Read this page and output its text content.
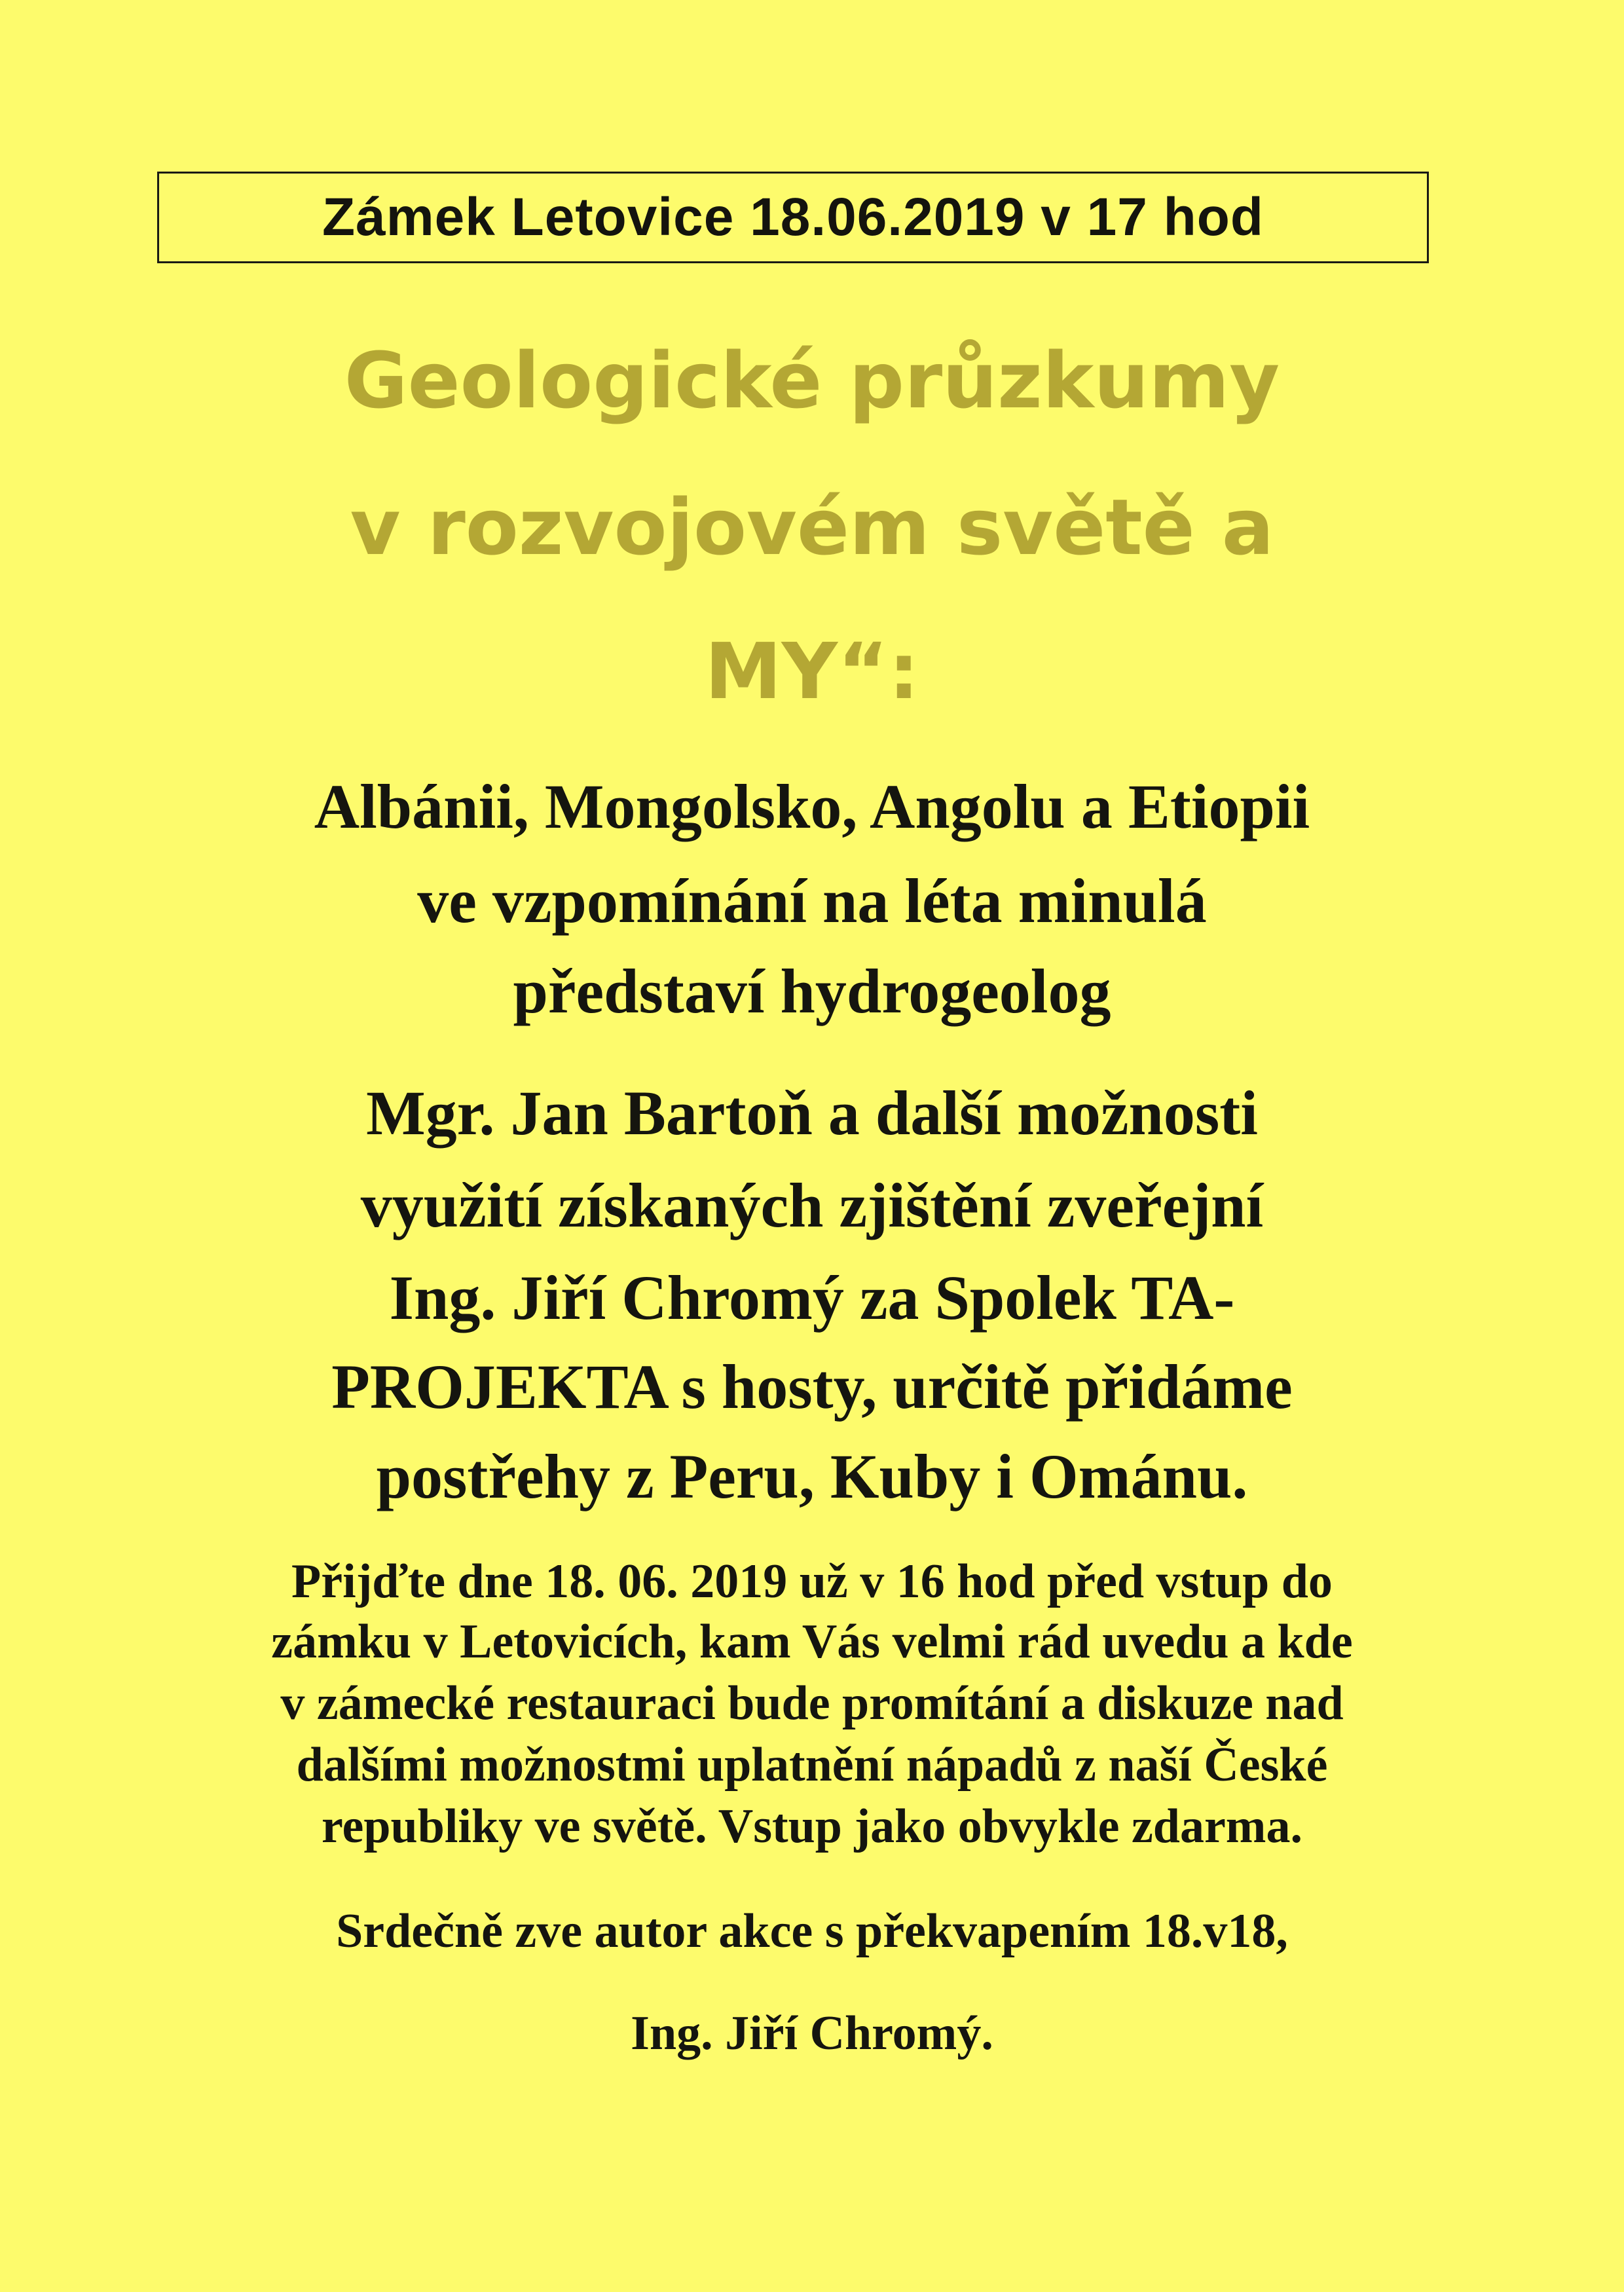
Zámek Letovice 18.06.2019 v 17 hod
Geologické průzkumy
v rozvojovém světě a
MY“:
Albánii, Mongolsko, Angolu a Etiopii
ve vzpomínání na léta minulá
představí hydrogeolog
Mgr. Jan Bartoň a další možnosti
využití získaných zjištění zveřejní
Ing. Jiří Chromý za Spolek TA-
PROJEKTA s hosty, určitě přidáme
postřehy z Peru, Kuby i Ománu.
Přijďte dne 18. 06. 2019 už v 16 hod před vstup do
zámku v Letovicích, kam Vás velmi rád uvedu a kde
v zámecké restauraci bude promítání a diskuze nad
dalšími možnostmi uplatnění nápadů z naší České
republiky ve světě. Vstup jako obvykle zdarma.
Srdečně zve autor akce s překvapením 18.v18,
Ing. Jiří Chromý.
